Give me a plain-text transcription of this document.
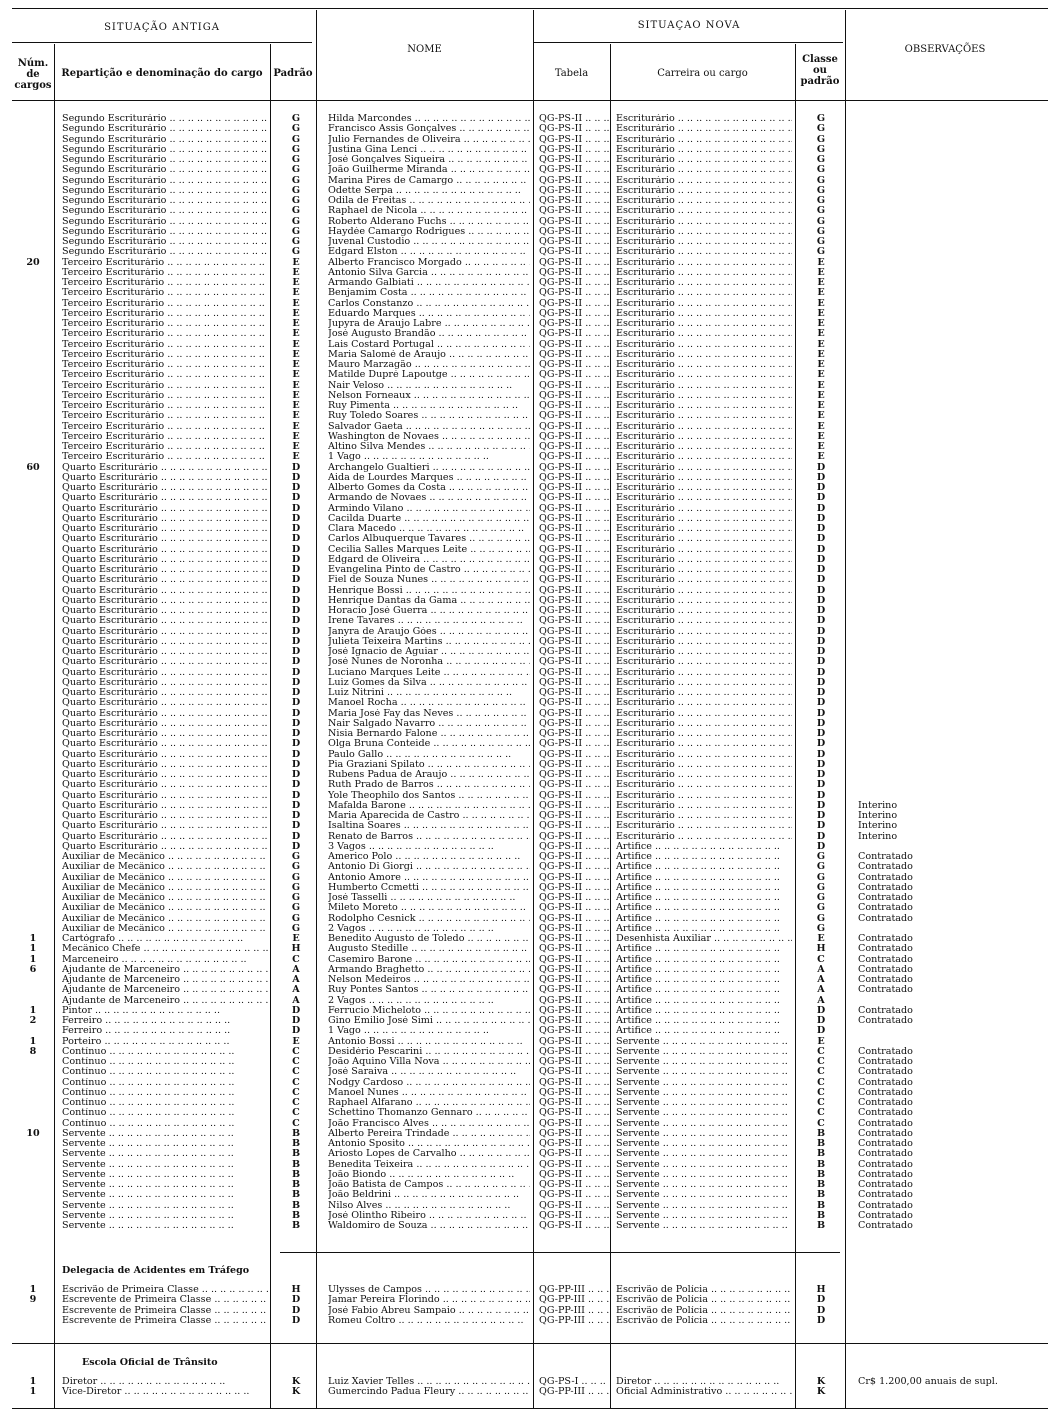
SITUAÇÃO ANTIGA
NOME
SITUAÇAO NOVA
Núm. de cargos
Repartição e denominação do cargo	Padrão	Tabela	Carreira ou cargo
Classe ou padrão
OBSERVAÇÕES
Segundo Escriturário .. ..	G	Hilda Marcondes .. ..	QG-PS-II .. ..	Escriturário .. ..	G
Segundo Escriturário .. ..	G	Francisco Assis Gonçalves .. ..	QG-PS-II .. ..	Escriturário .. ..	G
Segundo Escriturário .. ..	G	Julio Fernandes de Oliveira .. ..	QG-PS-II .. ..	Escriturário .. ..	G
Segundo Escriturário .. ..	G	Justina Gina Lenci .. ..	QG-PS-II .. ..	Escriturário .. ..	G
Segundo Escriturário .. ..	G	José Gonçalves Siqueira .. ..	QG-PS-II .. ..	Escriturário .. ..	G
Segundo Escriturário .. ..	G	João Guilherme Miranda .. ..	QG-PS-II .. ..	Escriturário .. ..	G
Segundo Escriturário .. ..	G	Marina Pires de Camargo .. ..	QG-PS-II .. ..	Escriturário .. ..	G
Segundo Escriturário .. ..	G	Odette Serpa .. ..	QG-PS-II .. ..	Escriturário .. ..	G
Segundo Escriturário .. ..	G	Odila de Freitas .. ..	QG-PS-II .. ..	Escriturário .. ..	G
Segundo Escriturário .. ..	G	Raphael de Nicola .. ..	QG-PS-II .. ..	Escriturário .. ..	G
Segundo Escriturário .. ..	G	Roberto Alderano Fuchs .. ..	QG-PS-II .. ..	Escriturário .. ..	G
Segundo Escriturário .. ..	G	Haydée Camargo Rodrigues .. ..	QG-PS-II .. ..	Escriturário .. ..	G
Segundo Escriturário .. ..	G	Juvenal Custodio .. ..	QG-PS-II .. ..	Escriturário .. ..	G
Segundo Escriturário .. ..	G	Edgard Elston .. ..	QG-PS-II .. ..	Escriturário .. ..	G
20	Terceiro Escriturário .. ..	E	Alberto Francisco Morgado .. ..	QG-PS-II .. ..	Escriturário .. ..	E
Terceiro Escriturário .. ..	E	Antonio Silva Garcia .. ..	QG-PS-II .. ..	Escriturário .. ..	E
Terceiro Escriturário .. ..	E	Armando Galbiati .. ..	QG-PS-II .. ..	Escriturário .. ..	E
Terceiro Escriturário .. ..	E	Benjamim Costa .. ..	QG-PS-II .. ..	Escriturário .. ..	E
Terceiro Escriturário .. ..	E	Carlos Constanzo .. ..	QG-PS-II .. ..	Escriturário .. ..	E
Terceiro Escriturário .. ..	E	Eduardo Marques .. ..	QG-PS-II .. ..	Escriturário .. ..	E
Terceiro Escriturário .. ..	E	Jupyra de Araujo Labre .. ..	QG-PS-II .. ..	Escriturário .. ..	E
Terceiro Escriturário .. ..	E	José Augusto Brandão .. ..	QG-PS-II .. ..	Escriturário .. ..	E
Terceiro Escriturário .. ..	E	Lais Costard Portugal .. ..	QG-PS-II .. ..	Escriturário .. ..	E
Terceiro Escriturário .. ..	E	Maria Salomé de Araujo .. ..	QG-PS-II .. ..	Escriturário .. ..	E
Terceiro Escriturário .. ..	E	Mauro Marzagão .. ..	QG-PS-II .. ..	Escriturário .. ..	E
Terceiro Escriturário .. ..	E	Matilde Dupré Lapoutge .. ..	QG-PS-II .. ..	Escriturário .. ..	E
Terceiro Escriturário .. ..	E	Nair Veloso .. ..	QG-PS-II .. ..	Escriturário .. ..	E
Terceiro Escriturário .. ..	E	Nelson Forneaux .. ..	QG-PS-II .. ..	Escriturário .. ..	E
Terceiro Escriturário .. ..	E	Ruy Pimenta .. ..	QG-PS-II .. ..	Escriturário .. ..	E
Terceiro Escriturário .. ..	E	Ruy Toledo Soares .. ..	QG-PS-II .. ..	Escriturário .. ..	E
Terceiro Escriturário .. ..	E	Salvador Gaeta .. ..	QG-PS-II .. ..	Escriturário .. ..	E
Terceiro Escriturário .. ..	E	Washington de Novaes .. ..	QG-PS-II .. ..	Escriturário .. ..	E
Terceiro Escriturário .. ..	E	Altino Silva Mendes .. ..	QG-PS-II .. ..	Escriturário .. ..	E
Terceiro Escriturário .. ..	E	1 Vago .. ..	QG-PS-II .. ..	Escriturário .. ..	E
60	Quarto Escriturário .. ..	D	Archangelo Gualtieri .. ..	QG-PS-II .. ..	Escriturário .. ..	D
Quarto Escriturário .. ..	D	Aida de Lourdes Marques .. ..	QG-PS-II .. ..	Escriturário .. ..	D
Quarto Escriturário .. ..	D	Alberto Gomes da Costa .. ..	QG-PS-II .. ..	Escriturário .. ..	D
Quarto Escriturário .. ..	D	Armando de Novaes .. ..	QG-PS-II .. ..	Escriturário .. ..	D
Quarto Escriturário .. ..	D	Armindo Vilano .. ..	QG-PS-II .. ..	Escriturário .. ..	D
Quarto Escriturário .. ..	D	Cacilda Duarte .. ..	QG-PS-II .. ..	Escriturário .. ..	D
Quarto Escriturário .. ..	D	Clara Macedo .. ..	QG-PS-II .. ..	Escriturário .. ..	D
Quarto Escriturário .. ..	D	Carlos Albuquerque Tavares .. ..	QG-PS-II .. ..	Escriturário .. ..	D
Quarto Escriturário .. ..	D	Cecilia Salles Marques Leite .. ..	QG-PS-II .. ..	Escriturário .. ..	D
Quarto Escriturário .. ..	D	Edgard de Oliveira .. ..	QG-PS-II .. ..	Escriturário .. ..	D
Quarto Escriturário .. ..	D	Evangelina Pinto de Castro .. ..	QG-PS-II .. ..	Escriturário .. ..	D
Quarto Escriturário .. ..	D	Fiel de Souza Nunes .. ..	QG-PS-II .. ..	Escriturário .. ..	D
Quarto Escriturário .. ..	D	Henrique Bossi .. ..	QG-PS-II .. ..	Escriturário .. ..	D
Quarto Escriturário .. ..	D	Henrique Dantas da Gama .. ..	QG-PS-II .. ..	Escriturário .. ..	D
Quarto Escriturário .. ..	D	Horacio José Guerra .. ..	QG-PS-II .. ..	Escriturário .. ..	D
Quarto Escriturário .. ..	D	Irene Tavares .. ..	QG-PS-II .. ..	Escriturário .. ..	D
Quarto Escriturário .. ..	D	Janyra de Araujo Góes .. ..	QG-PS-II .. ..	Escriturário .. ..	D
Quarto Escriturário .. ..	D	Julieta Teixeira Martins .. ..	QG-PS-II .. ..	Escriturário .. ..	D
Quarto Escriturário .. ..	D	José Ignacio de Aguiar .. ..	QG-PS-II .. ..	Escriturário .. ..	D
Quarto Escriturário .. ..	D	José Nunes de Noronha .. ..	QG-PS-II .. ..	Escriturário .. ..	D
Quarto Escriturário .. ..	D	Luciano Marques Leite .. ..	QG-PS-II .. ..	Escriturário .. ..	D
Quarto Escriturário .. ..	D	Luiz Gomes da Silva .. ..	QG-PS-II .. ..	Escriturário .. ..	D
Quarto Escriturário .. ..	D	Luiz Nitrini .. ..	QG-PS-II .. ..	Escriturário .. ..	D
Quarto Escriturário .. ..	D	Manoel Rocha .. ..	QG-PS-II .. ..	Escriturário .. ..	D
Quarto Escriturário .. ..	D	Maria José Fay das Neves .. ..	QG-PS-II .. ..	Escriturário .. ..	D
Quarto Escriturário .. ..	D	Nair Salgado Navarro .. ..	QG-PS-II .. ..	Escriturário .. ..	D
Quarto Escriturário .. ..	D	Nisia Bernardo Falone .. ..	QG-PS-II .. ..	Escriturário .. ..	D
Quarto Escriturário .. ..	D	Olga Bruna Conteide .. ..	QG-PS-II .. ..	Escriturário .. ..	D
Quarto Escriturário .. ..	D	Paulo Gallo .. ..	QG-PS-II .. ..	Escriturário .. ..	D
Quarto Escriturário .. ..	D	Pia Graziani Spilato .. ..	QG-PS-II .. ..	Escriturário .. ..	D
Quarto Escriturário .. ..	D	Rubens Padua de Araujo .. ..	QG-PS-II .. ..	Escriturário .. ..	D
Quarto Escriturário .. ..	D	Ruth Prado de Barros .. ..	QG-PS-II .. ..	Escriturário .. ..	D
Quarto Escriturário .. ..	D	Yole Theophilo dos Santos .. ..	QG-PS-II .. ..	Escriturário .. ..	D
Quarto Escriturário .. ..	D	Mafalda Barone .. ..	QG-PS-II .. ..	Escriturário .. ..	D	Interino
Quarto Escriturário .. ..	D	Maria Aparecida de Castro .. ..	QG-PS-II .. ..	Escriturário .. ..	D	Interino
Quarto Escriturário .. ..	D	Isaltina Soares .. ..	QG-PS-II .. ..	Escriturário .. ..	D	Interino
Quarto Escriturário .. ..	D	Renato de Barros .. ..	QG-PS-II .. ..	Escriturário .. ..	D	Interino
Quarto Escriturário .. ..	D	3 Vagos .. ..	QG-PS-II .. ..	Artifice .. ..	D
Auxiliar de Mecânico .. ..	G	Americo Polo .. ..	QG-PS-II .. ..	Artifice .. ..	G	Contratado
Auxiliar de Mecânico .. ..	G	Antonio Di Giorgi .. ..	QG-PS-II .. ..	Artifice .. ..	G	Contratado
Auxiliar de Mecânico .. ..	G	Antonio Amore .. ..	QG-PS-II .. ..	Artifice .. ..	G	Contratado
Auxiliar de Mecânico .. ..	G	Humberto Ccmetti .. ..	QG-PS-II .. ..	Artifice .. ..	G	Contratado
Auxiliar de Mecânico .. ..	G	José Tasselli .. ..	QG-PS-II .. ..	Artifice .. ..	G	Contratado
Auxiliar de Mecânico .. ..	G	Mileto Moreto .. ..	QG-PS-II .. ..	Artifice .. ..	G	Contratado
Auxiliar de Mecânico .. ..	G	Rodolpho Cesnick .. ..	QG-PS-II .. ..	Artifice .. ..	G	Contratado
Auxiliar de Mecânico .. ..	G	2 Vagos .. ..	QG-PS-II .. ..	Artifice .. ..	G
1	Cartógrafo .. ..	E	Benedito Augusto de Toledo .. ..	QG-PS-II .. ..	Desenhista Auxiliar .. ..	E	Contratado
1	Mecânico Chefe .. ..	H	Augusto Stedille .. ..	QG-PS-II .. ..	Artifice .. ..	H	Contratado
1	Marceneiro .. ..	C	Casemiro Barone .. ..	QG-PS-II .. ..	Artifice .. ..	C	Contratado
6	Ajudante de Marceneiro .. ..	A	Armando Braghetto .. ..	QG-PS-II .. ..	Artifice .. ..	A	Contratado
Ajudante de Marceneiro .. ..	A	Nelson Medeiros .. ..	QG-PS-II .. ..	Artifice .. ..	A	Contratado
Ajudante de Marceneiro .. ..	A	Ruy Pontes Santos .. ..	QG-PS-II .. ..	Artifice .. ..	A	Contratado
Ajudante de Marceneiro .. ..	A	2 Vagos .. ..	QG-PS-II .. ..	Artifice .. ..	A
1	Pintor .. ..	D	Ferrucio Micheloto .. ..	QG-PS-II .. ..	Artifice .. ..	D	Contratado
2	Ferreiro .. ..	D	Gino Emilio José Simi .. ..	QG-PS-II .. ..	Artifice .. ..	D	Contratado
Ferreiro .. ..	D	1 Vago .. ..	QG-PS-II .. ..	Artifice .. ..	D
1	Porteiro .. ..	E	Antonio Bossi .. ..	QG-PS-II .. ..	Servente .. ..	E
8	Contínuo .. ..	C	Desidério Pescarini .. ..	QG-PS-II .. ..	Servente .. ..	C	Contratado
Contínuo .. ..	C	João Aquino Villa Nova .. ..	QG-PS-II .. ..	Servente .. ..	C	Contratado
Contínuo .. ..	C	José Saraiva .. ..	QG-PS-II .. ..	Servente .. ..	C	Contratado
Contínuo .. ..	C	Nodgy Cardoso .. ..	QG-PS-II .. ..	Servente .. ..	C	Contratado
Contínuo .. ..	C	Manoel Nunes .. ..	QG-PS-II .. ..	Servente .. ..	C	Contratado
Contínuo .. ..	C	Raphael Alfarano .. ..	QG-PS-II .. ..	Servente .. ..	C	Contratado
Contínuo .. ..	C	Schettino Thomanzo Gennaro .. ..	QG-PS-II .. ..	Servente .. ..	C	Contratado
Contínuo .. ..	C	João Francisco Alves .. ..	QG-PS-II .. ..	Servente .. ..	C	Contratado
10	Servente .. ..	B	Alberto Pereira Trindade .. ..	QG-PS-II .. ..	Servente .. ..	B	Contratado
Servente .. ..	B	Antonio Sposito .. ..	QG-PS-II .. ..	Servente .. ..	B	Contratado
Servente .. ..	B	Ariosto Lopes de Carvalho .. ..	QG-PS-II .. ..	Servente .. ..	B	Contratado
Servente .. ..	B	Benedita Teixeira .. ..	QG-PS-II .. ..	Servente .. ..	B	Contratado
Servente .. ..	B	João Biondo .. ..	QG-PS-II .. ..	Servente .. ..	B	Contratado
Servente .. ..	B	João Batista de Campos .. ..	QG-PS-II .. ..	Servente .. ..	B	Contratado
Servente .. ..	B	João Beldrini .. ..	QG-PS-II .. ..	Servente .. ..	B	Contratado
Servente .. ..	B	Nilso Alves .. ..	QG-PS-II .. ..	Servente .. ..	B	Contratado
Servente .. ..	B	José Olintho Ribeiro .. ..	QG-PS-II .. ..	Servente .. ..	B	Contratado
Servente .. ..	B	Waldomiro de Souza .. ..	QG-PS-II .. ..	Servente .. ..	B	Contratado
Delegacia de Acidentes em Tráfego
1	Escrivão de Primeira Classe .. ..	H	Ulysses de Campos .. ..	QG-PP-III .. ..	Escrivão de Polícia .. ..	H
9	Escrevente de Primeira Classe .. ..	D	Jamar Pereira Florindo .. ..	QG-PP-III .. ..	Escrivão de Polícia .. ..	D
Escrevente de Primeira Classe .. ..	D	José Fabio Abreu Sampaio .. ..	QG-PP-III .. ..	Escrivão de Polícia .. ..	D
Escrevente de Primeira Classe .. ..	D	Romeu Coltro .. ..	QG-PP-III .. ..	Escrivão de Polícia .. ..	D
Escola Oficial de Trânsito
1	Diretor .. ..	K	Luiz Xavier Telles .. ..	QG-PS-I .. ..	Diretor .. ..	K	Cr$ 1.200,00 anuais de supl.
1	Vice-Diretor .. ..	K	Gumercindo Padua Fleury .. ..	QG-PP-III .. ..	Oficial Administrativo .. ..	K
